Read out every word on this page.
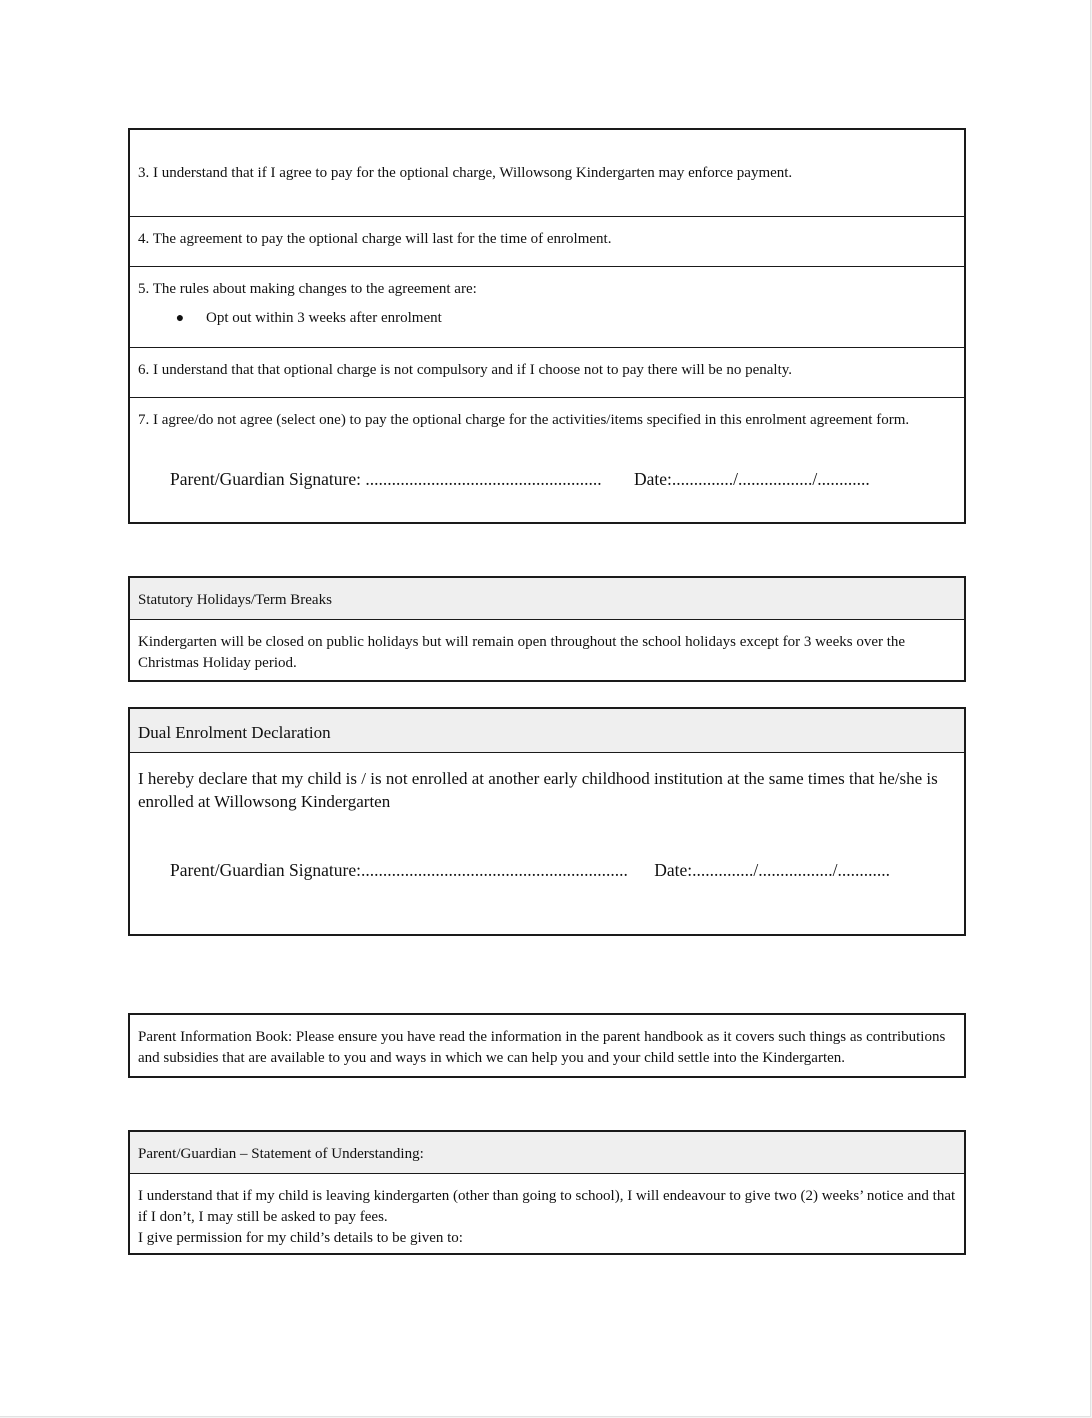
3. I understand that if I agree to pay for the optional charge, Willowsong Kindergarten may enforce payment.
4. The agreement to pay the optional charge will last for the time of enrolment.
5. The rules about making changes to the agreement are:
●	Opt out within 3 weeks after enrolment
6. I understand that that optional charge is not compulsory and if I choose not to pay there will be no penalty.
7. I agree/do not agree (select one) to pay the optional charge for the activities/items specified in this enrolment agreement form.
Parent/Guardian Signature: ...................................................... Date:............../................./............
Statutory Holidays/Term Breaks
Kindergarten will be closed on public holidays but will remain open throughout the school holidays except for 3 weeks over the Christmas Holiday period.
Dual Enrolment Declaration
I hereby declare that my child is / is not enrolled at another early childhood institution at the same times that he/she is enrolled at Willowsong Kindergarten
Parent/Guardian Signature:............................................................. Date:............../................./............
Parent Information Book: Please ensure you have read the information in the parent handbook as it covers such things as contributions and subsidies that are available to you and ways in which we can help you and your child settle into the Kindergarten.
Parent/Guardian – Statement of Understanding:
I understand that if my child is leaving kindergarten (other than going to school), I will endeavour to give two (2) weeks’ notice and that if I don’t, I may still be asked to pay fees.
I give permission for my child’s details to be given to:
